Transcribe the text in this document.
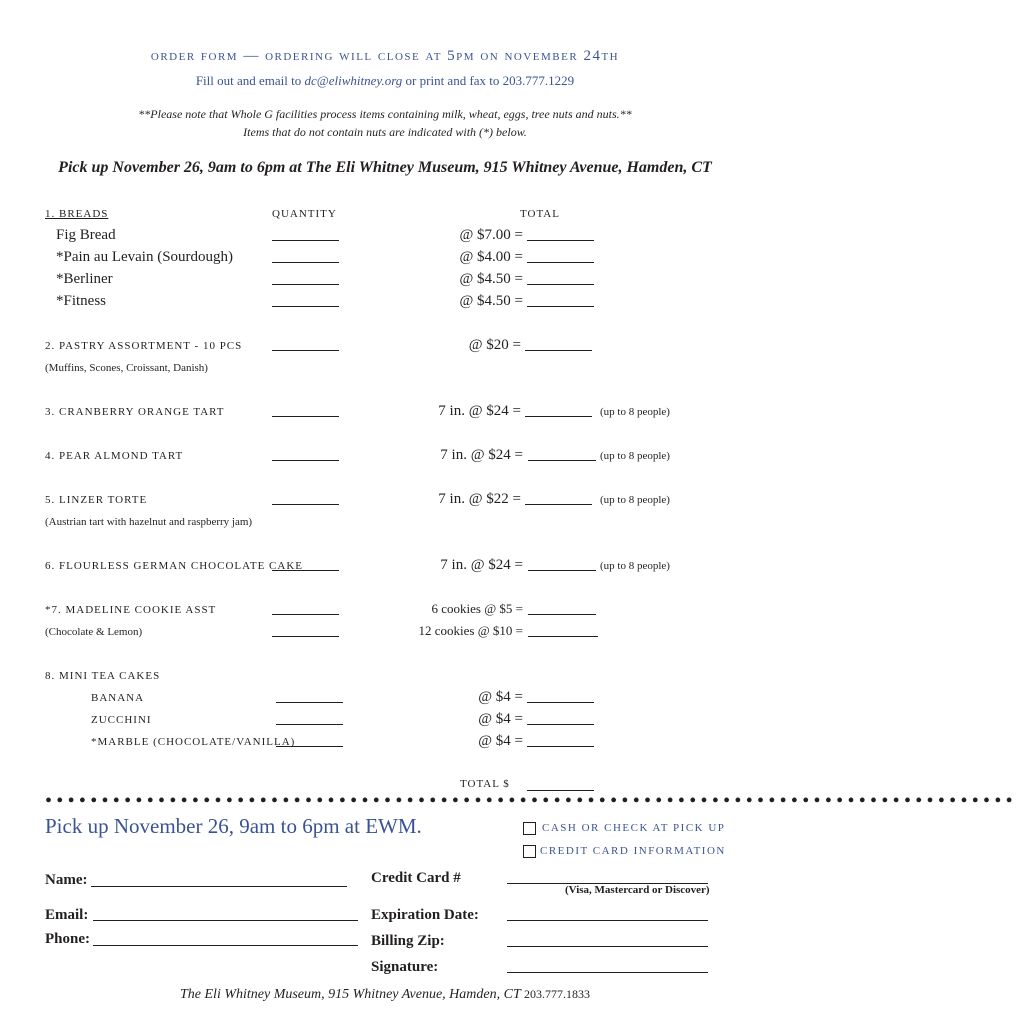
order form — ordering will close at 5pm on november 24th
Fill out and email to dc@eliwhitney.org or print and fax to 203.777.1229
**Please note that Whole G facilities process items containing milk, wheat, eggs, tree nuts and nuts.**
Items that do not contain nuts are indicated with (*) below.
Pick up November 26, 9am to 6pm at The Eli Whitney Museum, 915 Whitney Avenue, Hamden, CT
1. BREADS	QUANTITY	TOTAL
Fig Bread	@ $7.00 =
*Pain au Levain (Sourdough)	@ $4.00 =
*Berliner	@ $4.50 =
*Fitness	@ $4.50 =
2. PASTRY ASSORTMENT - 10 PCS	@ $20 =
(Muffins, Scones, Croissant, Danish)
3. CRANBERRY ORANGE TART	7 in. @ $24 =	(up to 8 people)
4. PEAR ALMOND TART	7 in. @ $24 =	(up to 8 people)
5. LINZER TORTE	7 in. @ $22 =	(up to 8 people)
(Austrian tart with hazelnut and raspberry jam)
6. FLOURLESS GERMAN CHOCOLATE CAKE	7 in. @ $24 =	(up to 8 people)
*7. MADELINE COOKIE ASST	6 cookies @ $5 =
(Chocolate & Lemon)	12 cookies @ $10 =
8. MINI TEA CAKES
BANANA	@ $4 =
ZUCCHINI	@ $4 =
*MARBLE (CHOCOLATE/VANILLA)	@ $4 =
TOTAL $
••••••••••••••••••••••••••••••••••••••••••••••••••••••••••••••••••••••••••••••••••••••
Pick up November 26, 9am to 6pm at EWM.	CASH OR CHECK AT PICK UP
CREDIT CARD INFORMATION
Name:	Credit Card #
(Visa, Mastercard or Discover)
Email:	Expiration Date:
Phone:	Billing Zip:
Signature:
The Eli Whitney Museum, 915 Whitney Avenue, Hamden, CT 203.777.1833
